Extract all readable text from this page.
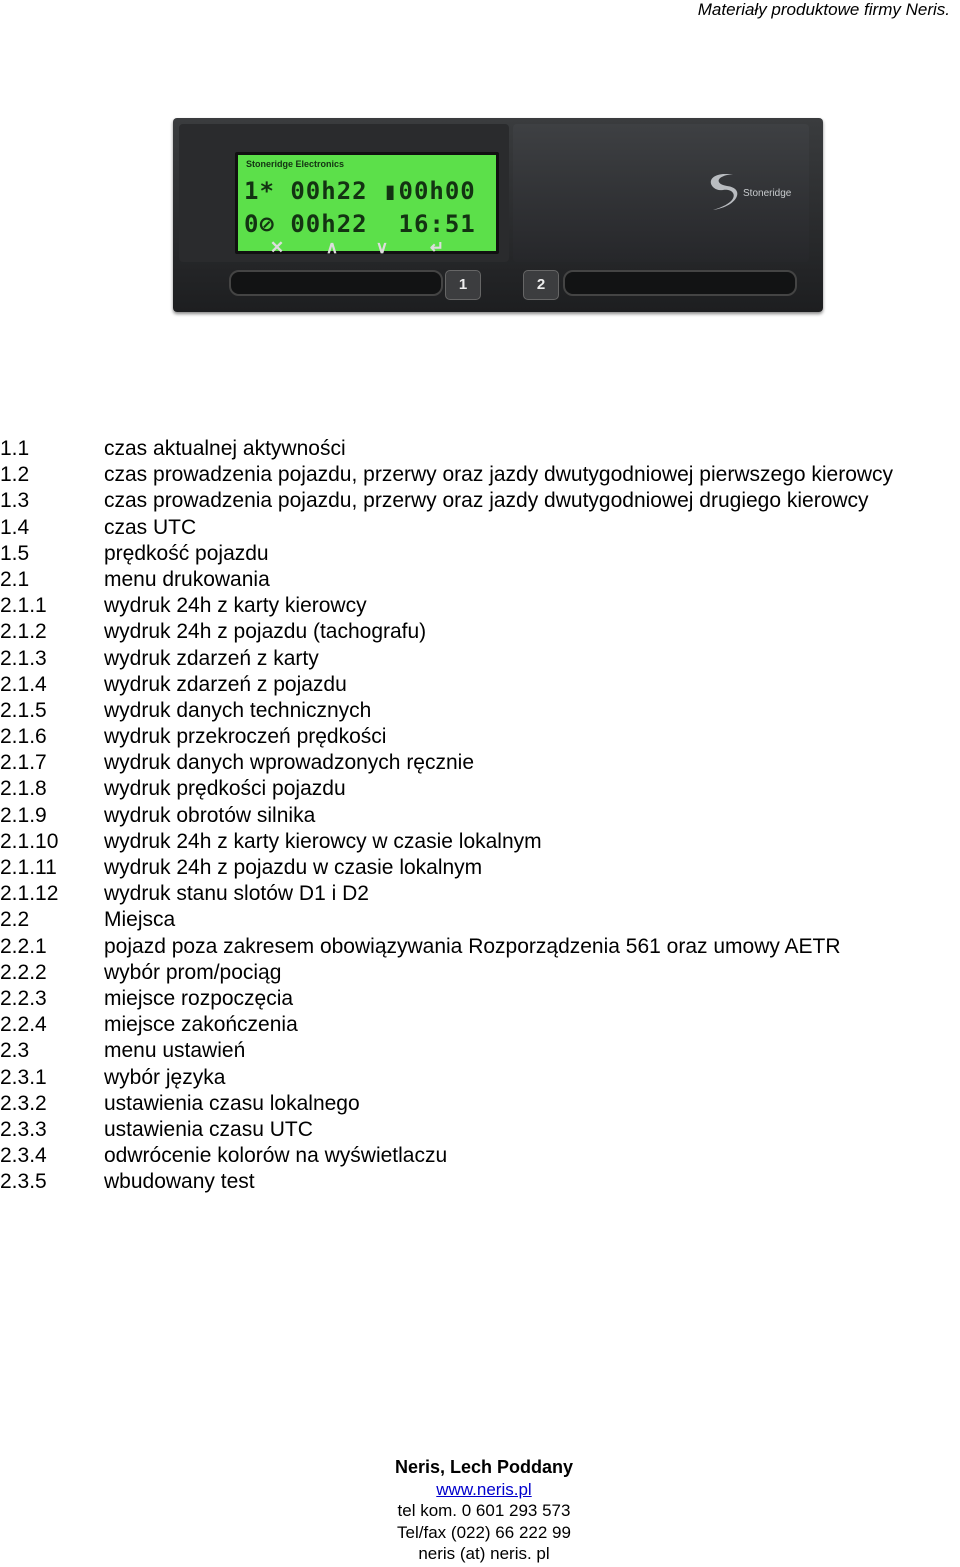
Materiały produktowe firmy Neris.
Stoneridge Electronics
1* 00h22 ▮00h00
0⊘ 00h22  16:51
✕	∧	∨	↵
Stoneridge
1	2
1.1	czas aktualnej aktywności
1.2	czas prowadzenia pojazdu, przerwy oraz jazdy dwutygodniowej pierwszego kierowcy
1.3	czas prowadzenia pojazdu, przerwy oraz jazdy dwutygodniowej drugiego kierowcy
1.4	czas UTC
1.5	prędkość pojazdu
2.1	menu drukowania
2.1.1	wydruk 24h z karty kierowcy
2.1.2	wydruk 24h z pojazdu (tachografu)
2.1.3	wydruk zdarzeń z karty
2.1.4	wydruk zdarzeń z pojazdu
2.1.5	wydruk danych technicznych
2.1.6	wydruk przekroczeń prędkości
2.1.7	wydruk danych wprowadzonych ręcznie
2.1.8	wydruk prędkości pojazdu
2.1.9	wydruk obrotów silnika
2.1.10 wydruk 24h z karty kierowcy w czasie lokalnym
2.1.11 wydruk 24h z pojazdu w czasie lokalnym
2.1.12 wydruk stanu slotów D1 i D2
2.2	Miejsca
2.2.1	pojazd poza zakresem obowiązywania Rozporządzenia 561 oraz umowy AETR
2.2.2	wybór prom/pociąg
2.2.3	miejsce rozpoczęcia
2.2.4	miejsce zakończenia
2.3	menu ustawień
2.3.1	wybór języka
2.3.2	ustawienia czasu lokalnego
2.3.3	ustawienia czasu UTC
2.3.4	odwrócenie kolorów na wyświetlaczu
2.3.5	wbudowany test
Neris, Lech Poddany
www.neris.pl
tel kom. 0 601 293 573
Tel/fax (022) 66 222 99
neris (at) neris. pl
